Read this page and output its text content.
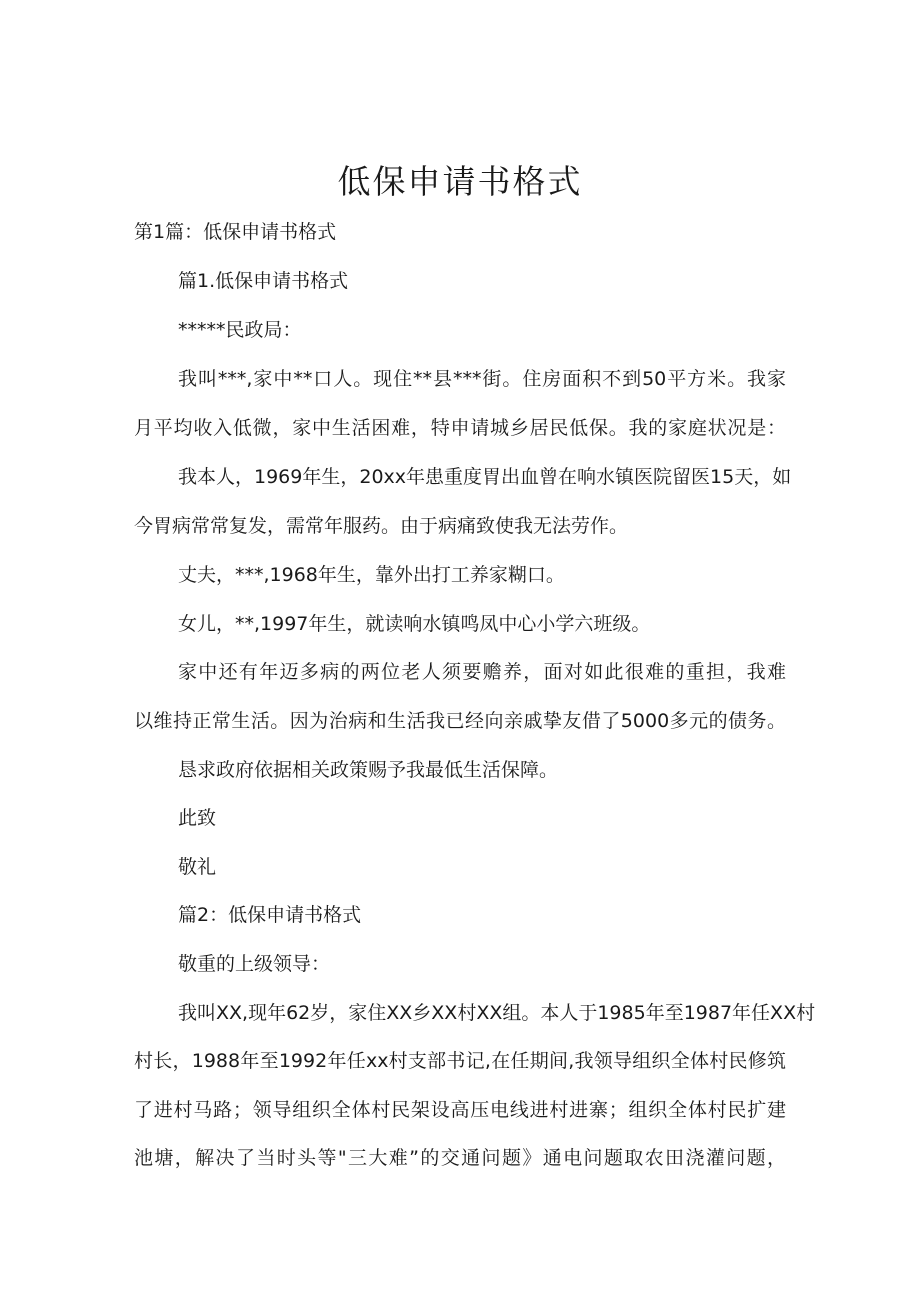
低保申请书格式
第1篇：低保申请书格式
篇1.低保申请书格式
*****民政局：
我叫***,家中**口人。现住**县***街。住房面积不到50平方米。我家
月平均收入低微，家中生活困难，特申请城乡居民低保。我的家庭状况是：
我本人，1969年生，20xx年患重度胃出血曾在响水镇医院留医15天，如
今胃病常常复发，需常年服药。由于病痛致使我无法劳作。
丈夫，***,1968年生，靠外出打工养家糊口。
女儿，**,1997年生，就读响水镇鸣凤中心小学六班级。
家中还有年迈多病的两位老人须要赡养，面对如此很难的重担，我难
以维持正常生活。因为治病和生活我已经向亲戚挚友借了5000多元的债务。
恳求政府依据相关政策赐予我最低生活保障。
此致
敬礼
篇2：低保申请书格式
敬重的上级领导：
我叫XX,现年62岁，家住XX乡XX村XX组。本人于1985年至1987年任XX村
村长，1988年至1992年任xx村支部书记,在任期间,我领导组织全体村民修筑
了进村马路；领导组织全体村民架设高压电线进村进寨；组织全体村民扩建
池塘，解决了当时头等"三大难”的交通问题》通电问题取农田浇灌问题，
